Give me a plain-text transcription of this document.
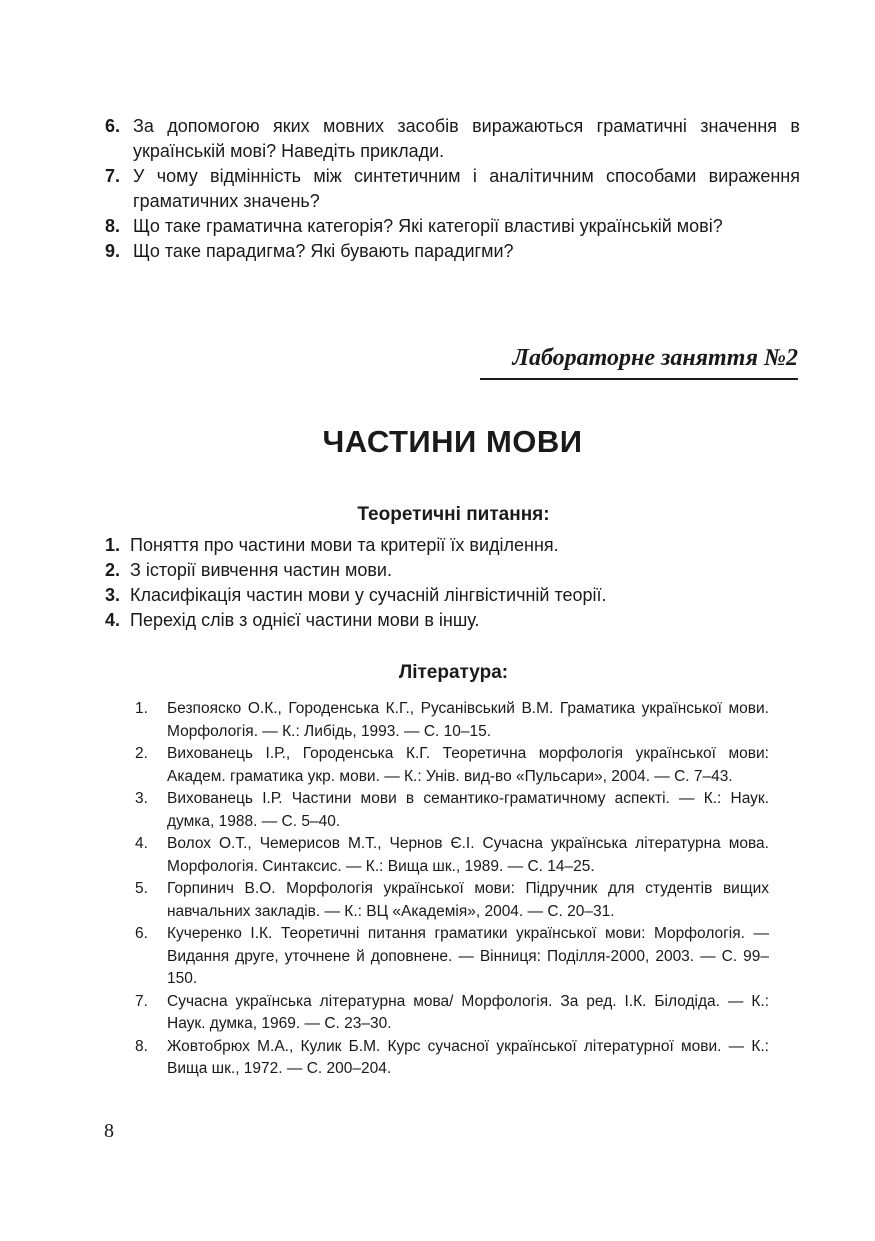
6. За допомогою яких мовних засобів виражаються граматичні значення в українській мові? Наведіть приклади.
7. У чому відмінність між синтетичним і аналітичним способами вираження граматичних значень?
8. Що таке граматична категорія? Які категорії властиві українській мові?
9. Що таке парадигма? Які бувають парадигми?
Лабораторне заняття №2
ЧАСТИНИ МОВИ
Теоретичні питання:
1. Поняття про частини мови та критерії їх виділення.
2. З історії вивчення частин мови.
3. Класифікація частин мови у сучасній лінгвістичній теорії.
4. Перехід слів з однієї частини мови в іншу.
Література:
1.	Безпояско О.К., Городенська К.Г., Русанівський В.М. Граматика української мови. Морфологія. — К.: Либідь, 1993. — С. 10–15.
2.	Вихованець І.Р., Городенська К.Г. Теоретична морфологія української мови: Академ. граматика укр. мови. — К.: Унів. вид-во «Пульсари», 2004. — С. 7–43.
3.	Вихованець І.Р. Частини мови в семантико-граматичному аспекті. — К.: Наук. думка, 1988. — С. 5–40.
4.	Волох О.Т., Чемерисов М.Т., Чернов Є.І. Сучасна українська літературна мова. Морфологія. Синтаксис. — К.: Вища шк., 1989. — С. 14–25.
5.	Горпинич В.О. Морфологія української мови: Підручник для студентів вищих навчальних закладів. — К.: ВЦ «Академія», 2004. — С. 20–31.
6.	Кучеренко І.К. Теоретичні питання граматики української мови: Морфологія. — Видання друге, уточнене й доповнене. — Вінниця: Поділля-2000, 2003. — С. 99–150.
7.	Сучасна українська літературна мова/ Морфологія. За ред. І.К. Білодіда. — К.: Наук. думка, 1969. — С. 23–30.
8.	Жовтобрюх М.А., Кулик Б.М. Курс сучасної української літературної мови. — К.: Вища шк., 1972. — С. 200–204.
8
